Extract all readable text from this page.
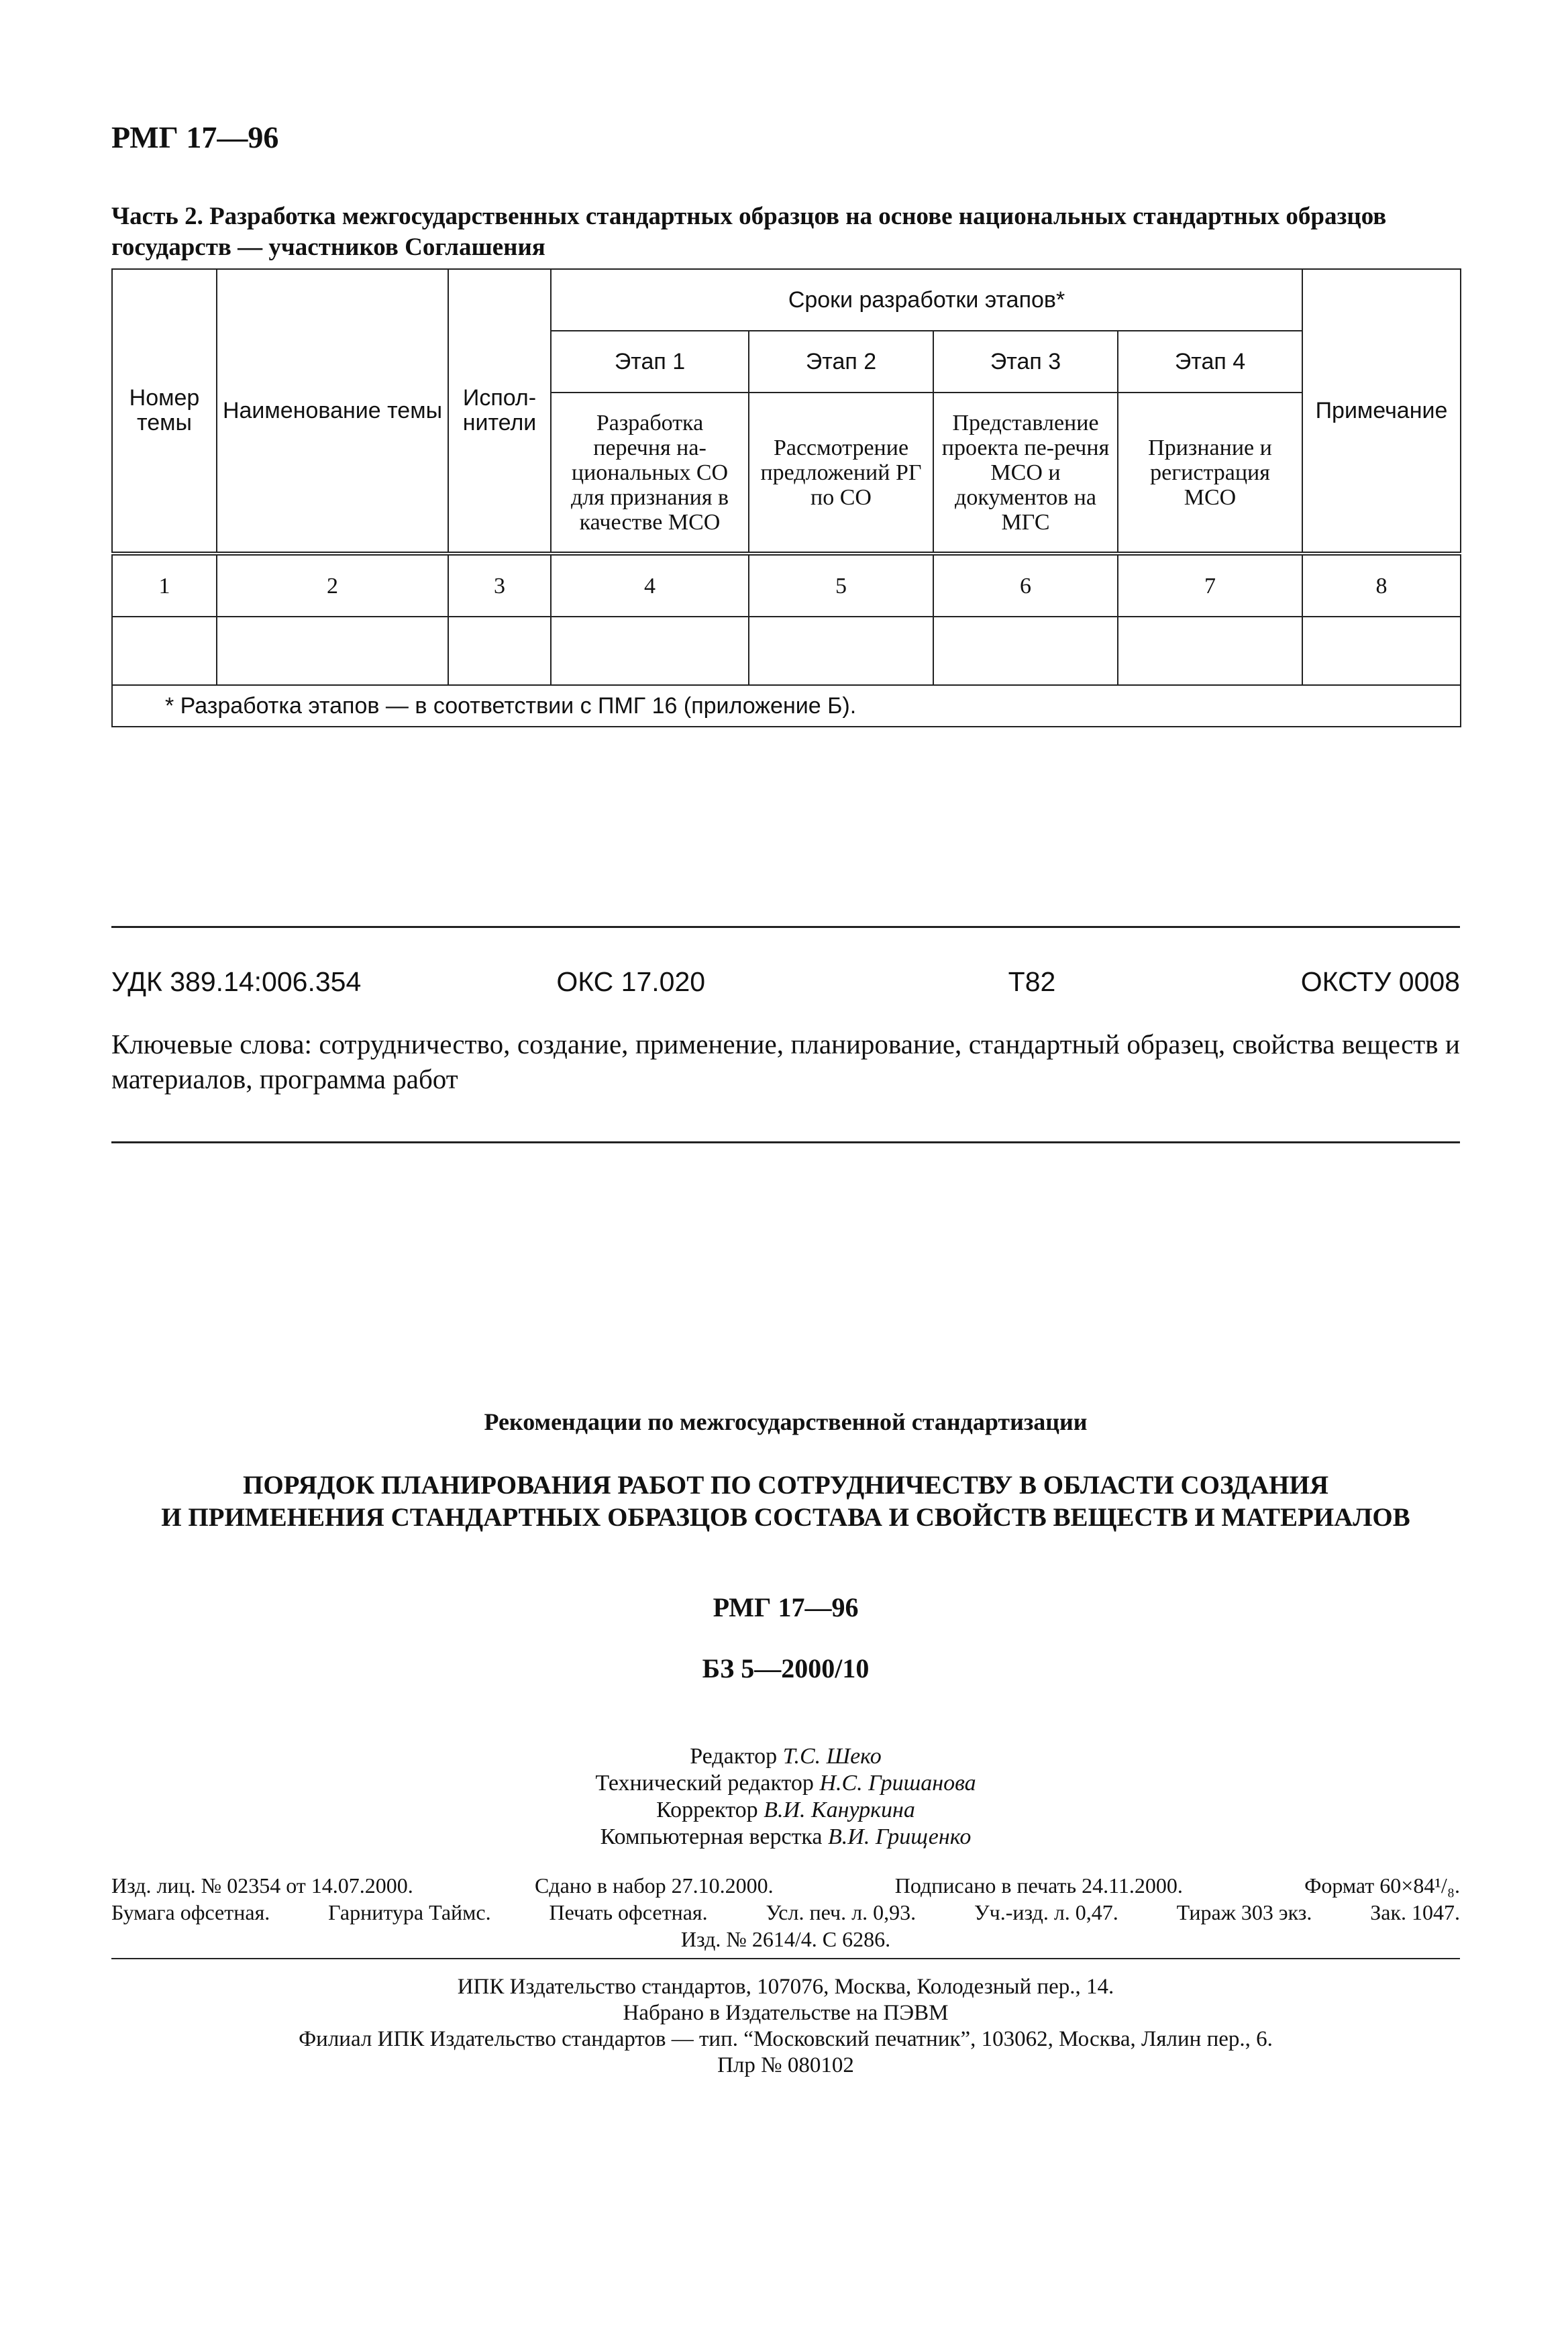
РМГ 17—96
Часть 2. Разработка межгосударственных стандартных образцов на основе национальных стандартных образцов государств — участников Соглашения
Номер темы	Наименование темы	Испол-нители	Сроки разработки этапов*				Примечание
			Этап 1	Этап 2	Этап 3	Этап 4	
			Разработка перечня на-циональных СО для признания в качестве МСО	Рассмотрение предложений РГ по СО	Представление проекта пе-речня МСО и документов на МГС	Признание и регистрация МСО	
1	2	3	4	5	6	7	8

* Разработка этапов — в соответствии с ПМГ 16 (приложение Б).							
УДК 389.14:006.354	ОКС 17.020	Т82	ОКСТУ 0008
Ключевые слова: сотрудничество, создание, применение, планирование, стандартный образец, свойства веществ и материалов, программа работ
Рекомендации по межгосударственной стандартизации
ПОРЯДОК ПЛАНИРОВАНИЯ РАБОТ ПО СОТРУДНИЧЕСТВУ В ОБЛАСТИ СОЗДАНИЯ
И ПРИМЕНЕНИЯ СТАНДАРТНЫХ ОБРАЗЦОВ СОСТАВА И СВОЙСТВ ВЕЩЕСТВ И МАТЕРИАЛОВ
РМГ 17—96
БЗ 5—2000/10
Редактор Т.С. Шеко
Технический редактор Н.С. Гришанова
Корректор В.И. Кануркина
Компьютерная верстка В.И. Грищенко
Изд. лиц. № 02354 от 14.07.2000.	Сдано в набор 27.10.2000.	Подписано в печать 24.11.2000.	Формат 60×84¹/₈.
Бумага офсетная.	Гарнитура Таймс.	Печать офсетная.	Усл. печ. л. 0,93.	Уч.-изд. л. 0,47.	Тираж 303 экз.	Зак. 1047.
Изд. № 2614/4. С 6286.
ИПК Издательство стандартов, 107076, Москва, Колодезный пер., 14.
Набрано в Издательстве на ПЭВМ
Филиал ИПК Издательство стандартов — тип. “Московский печатник”, 103062, Москва, Лялин пер., 6.
Плр № 080102
